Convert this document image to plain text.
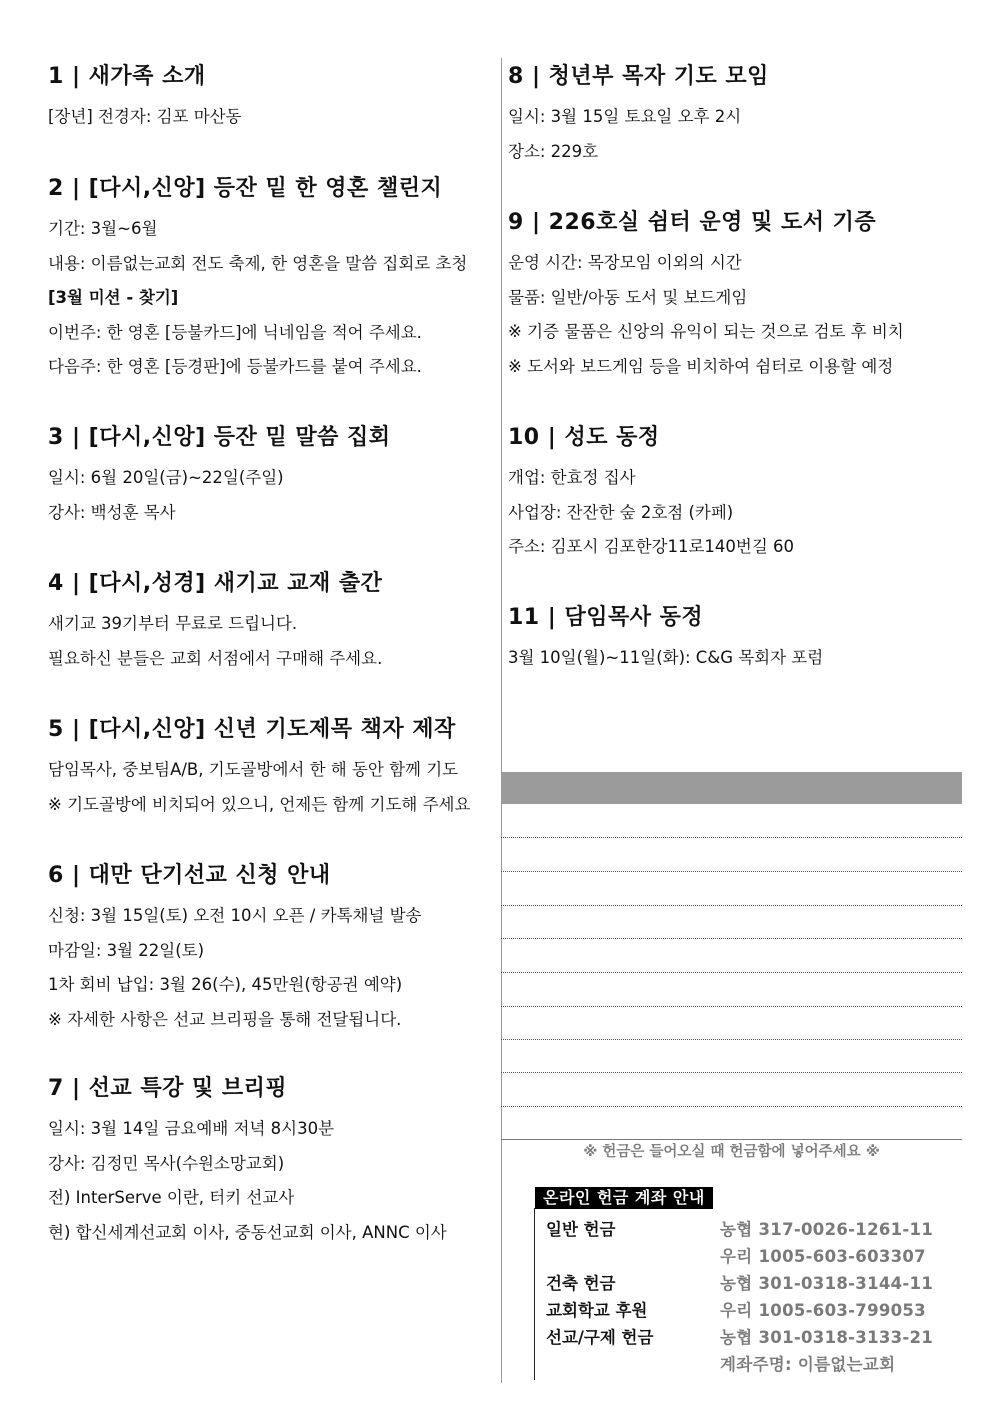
1 | 새가족 소개
[장년] 전경자: 김포 마산동
2 | [다시,신앙] 등잔 밑 한 영혼 챌린지
기간: 3월~6월
내용: 이름없는교회 전도 축제, 한 영혼을 말씀 집회로 초청
[3월 미션 - 찾기]
이번주: 한 영혼 [등불카드]에 닉네임을 적어 주세요.
다음주: 한 영혼 [등경판]에 등불카드를 붙여 주세요.
3 | [다시,신앙] 등잔 밑 말씀 집회
일시: 6월 20일(금)~22일(주일)
강사: 백성훈 목사
4 | [다시,성경] 새기교 교재 출간
새기교 39기부터 무료로 드립니다.
필요하신 분들은 교회 서점에서 구매해 주세요.
5 | [다시,신앙] 신년 기도제목 책자 제작
담임목사, 중보팀A/B, 기도골방에서 한 해 동안 함께 기도
※ 기도골방에 비치되어 있으니, 언제든 함께 기도해 주세요
6 | 대만 단기선교 신청 안내
신청: 3월 15일(토) 오전 10시 오픈 / 카톡채널 발송
마감일: 3월 22일(토)
1차 회비 납입: 3월 26(수), 45만원(항공권 예약)
※ 자세한 사항은 선교 브리핑을 통해 전달됩니다.
7 | 선교 특강 및 브리핑
일시: 3월 14일 금요예배 저녁 8시30분
강사: 김정민 목사(수원소망교회)
전) InterServe 이란, 터키 선교사
현) 합신세계선교회 이사, 중동선교회 이사, ANNC 이사
8 | 청년부 목자 기도 모임
일시: 3월 15일 토요일 오후 2시
장소: 229호
9 | 226호실 쉼터 운영 및 도서 기증
운영 시간: 목장모임 이외의 시간
물품: 일반/아동 도서 및 보드게임
※ 기증 물품은 신앙의 유익이 되는 것으로 검토 후 비치
※ 도서와 보드게임 등을 비치하여 쉼터로 이용할 예정
10 | 성도 동정
개업: 한효정 집사
사업장: 잔잔한 숲 2호점 (카페)
주소: 김포시 김포한강11로140번길 60
11 | 담임목사 동정
3월 10일(월)~11일(화): C&G 목회자 포럼
※ 헌금은 들어오실 때 헌금함에 넣어주세요 ※
온라인 헌금 계좌 안내
일반 헌금	농협 317-0026-1261-11
우리 1005-603-603307
건축 헌금	농협 301-0318-3144-11
교회학교 후원	우리 1005-603-799053
선교/구제 헌금	농협 301-0318-3133-21
계좌주명: 이름없는교회
